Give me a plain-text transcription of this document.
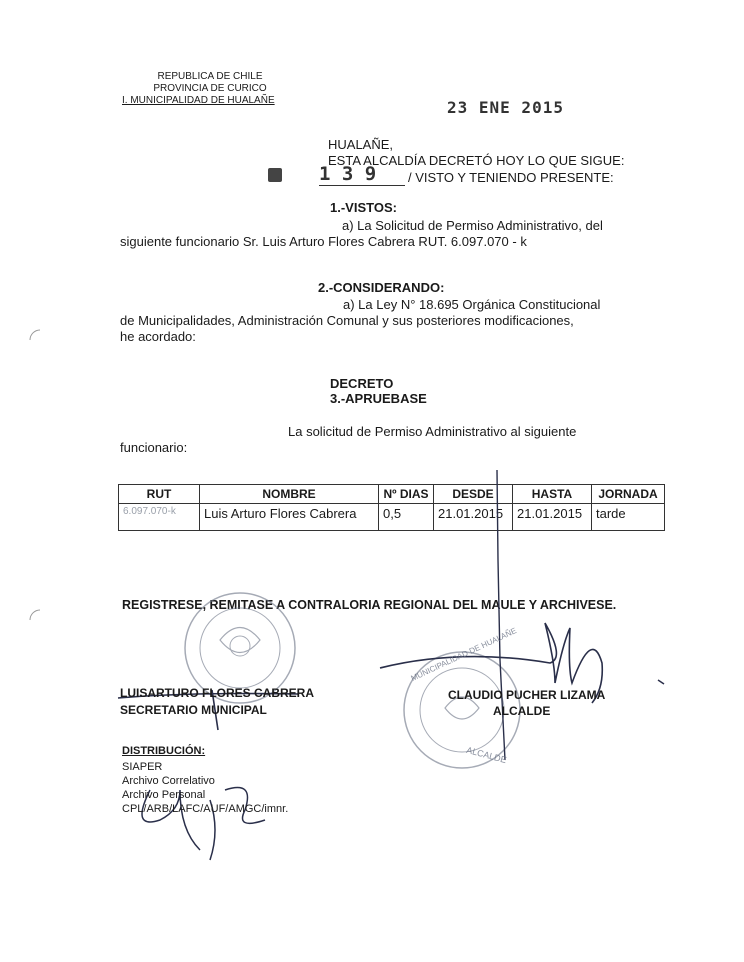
REPUBLICA DE CHILE
PROVINCIA DE CURICO
I. MUNICIPALIDAD DE HUALAÑE	23 ENE 2015
HUALAÑE,
ESTA ALCALDÍA DECRETÓ HOY LO QUE SIGUE:
1 3 9	/ VISTO Y TENIENDO PRESENTE:
1.-VISTOS:
a) La Solicitud de Permiso Administrativo, del
siguiente funcionario Sr. Luis Arturo Flores Cabrera RUT. 6.097.070 - k
2.-CONSIDERANDO:
a) La Ley N° 18.695 Orgánica Constitucional
de Municipalidades, Administración Comunal y sus posteriores modificaciones,
he acordado:
DECRETO
3.-APRUEBASE
La solicitud de Permiso Administrativo al siguiente
funcionario:
RUT	NOMBRE	Nº DIAS	DESDE	HASTA	JORNADA
6.097.070-k	Luis Arturo Flores Cabrera	0,5	21.01.2015	21.01.2015	tarde
REGISTRESE, REMITASE A CONTRALORIA REGIONAL DEL MAULE Y ARCHIVESE.
MUNICIPALIDAD DE HUALAÑE
ALCALDE
LUISARTURO FLORES CABRERA
SECRETARIO MUNICIPAL
CLAUDIO PUCHER LIZAMA
ALCALDE
DISTRIBUCIÓN:
SIAPER
Archivo Correlativo
Archivo Personal
CPL/ARB/LAFC/AUF/AMGC/imnr.
